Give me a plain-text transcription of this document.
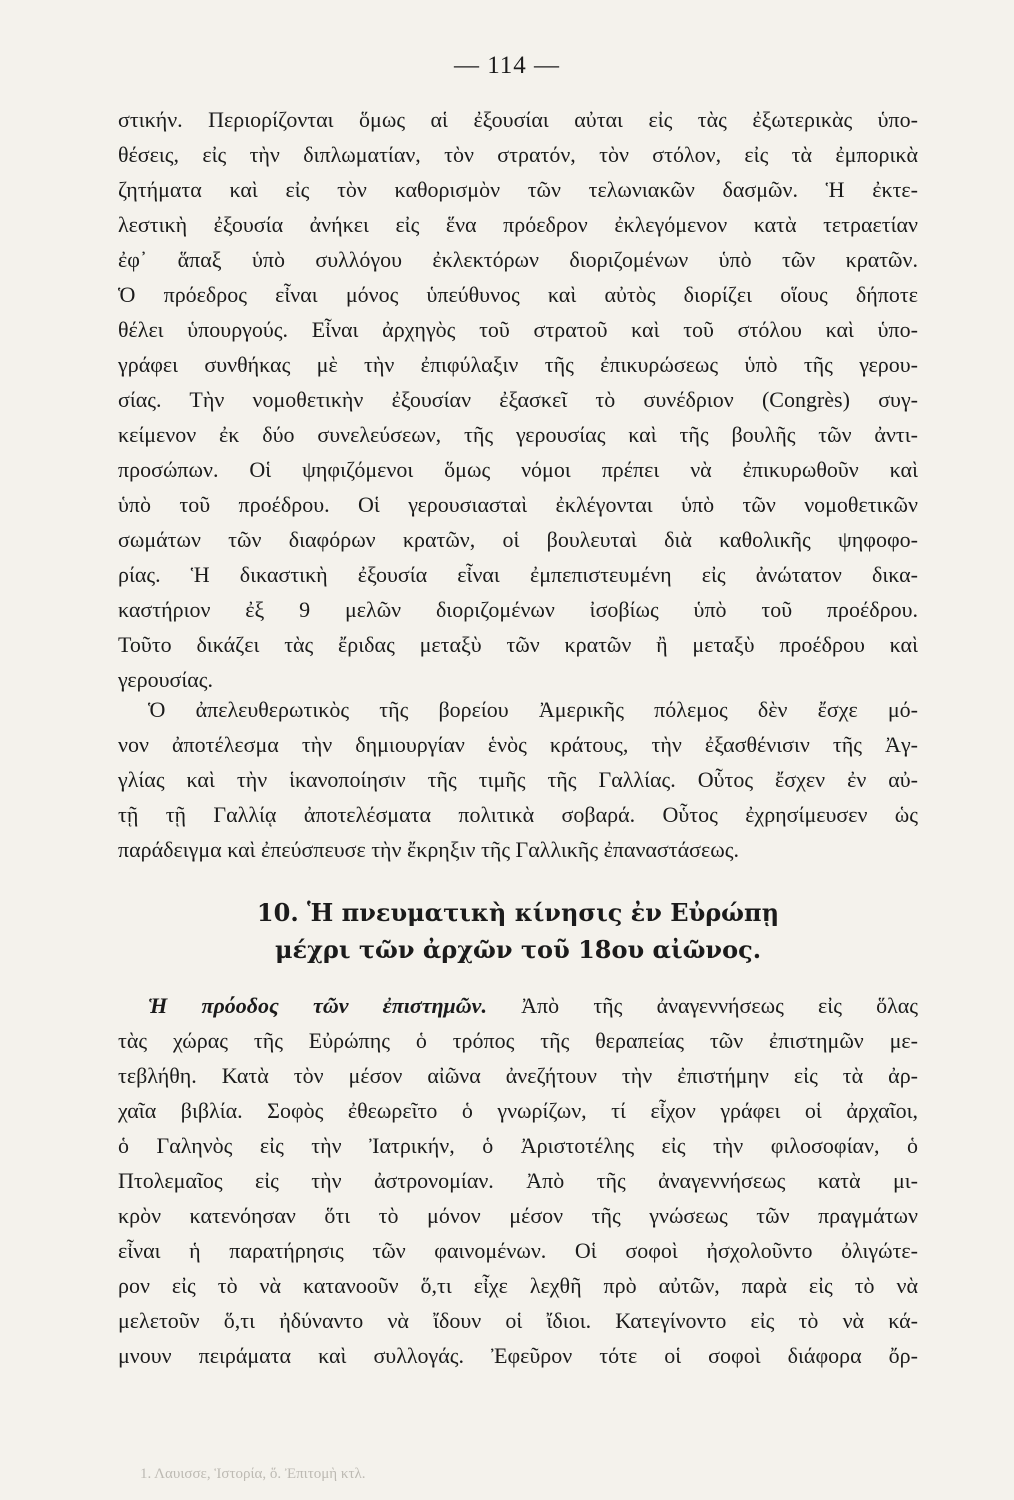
— 114 —
στικήν. Περιορίζονται ὅμως αἱ ἐξουσίαι αὐται εἰς τὰς ἐξωτερικὰς ὑπο-
θέσεις, εἰς τὴν διπλωματίαν, τὸν στρατόν, τὸν στόλον, εἰς τὰ ἐμπορικὰ
ζητήματα καὶ εἰς τὸν καθορισμὸν τῶν τελωνιακῶν δασμῶν. Ἡ ἐκτε-
λεστικὴ ἐξουσία ἀνήκει εἰς ἕνα πρόεδρον ἐκλεγόμενον κατὰ τετραετίαν
ἐφ᾽ ἅπαξ ὑπὸ συλλόγου ἐκλεκτόρων διοριζομένων ὑπὸ τῶν κρατῶν.
Ὁ πρόεδρος εἶναι μόνος ὑπεύθυνος καὶ αὐτὸς διορίζει οἵους δήποτε
θέλει ὑπουργούς. Εἶναι ἀρχηγὸς τοῦ στρατοῦ καὶ τοῦ στόλου καὶ ὑπο-
γράφει συνθήκας μὲ τὴν ἐπιφύλαξιν τῆς ἐπικυρώσεως ὑπὸ τῆς γερου-
σίας. Τὴν νομοθετικὴν ἐξουσίαν ἐξασκεῖ τὸ συνέδριον (Congrès) συγ-
κείμενον ἐκ δύο συνελεύσεων, τῆς γερουσίας καὶ τῆς βουλῆς τῶν ἀντι-
προσώπων. Οἱ ψηφιζόμενοι ὅμως νόμοι πρέπει νὰ ἐπικυρωθοῦν καὶ
ὑπὸ τοῦ προέδρου. Οἱ γερουσιασταὶ ἐκλέγονται ὑπὸ τῶν νομοθετικῶν
σωμάτων τῶν διαφόρων κρατῶν, οἱ βουλευταὶ διὰ καθολικῆς ψηφοφο-
ρίας. Ἡ δικαστικὴ ἐξουσία εἶναι ἐμπεπιστευμένη εἰς ἀνώτατον δικα-
καστήριον ἐξ 9 μελῶν διοριζομένων ἰσοβίως ὑπὸ τοῦ προέδρου.
Τοῦτο δικάζει τὰς ἔριδας μεταξὺ τῶν κρατῶν ἢ μεταξὺ προέδρου καὶ
γερουσίας.
Ὁ ἀπελευθερωτικὸς τῆς βορείου Ἀμερικῆς πόλεμος δὲν ἔσχε μό-
νον ἀποτέλεσμα τὴν δημιουργίαν ἑνὸς κράτους, τὴν ἐξασθένισιν τῆς Ἀγ-
γλίας καὶ τὴν ἱκανοποίησιν τῆς τιμῆς τῆς Γαλλίας. Οὗτος ἔσχεν ἐν αὐ-
τῇ τῇ Γαλλίᾳ ἀποτελέσματα πολιτικὰ σοβαρά. Οὗτος ἐχρησίμευσεν ὡς
παράδειγμα καὶ ἐπεύσπευσε τὴν ἔκρηξιν τῆς Γαλλικῆς ἐπαναστάσεως.
10. Ἡ πνευματικὴ κίνησις ἐν Εὐρώπῃ
μέχρι τῶν ἀρχῶν τοῦ 18ου αἰῶνος.
Ἡ πρόοδος τῶν ἐπιστημῶν. Ἀπὸ τῆς ἀναγεννήσεως εἰς ὅλας
τὰς χώρας τῆς Εὐρώπης ὁ τρόπος τῆς θεραπείας τῶν ἐπιστημῶν με-
τεβλήθη. Κατὰ τὸν μέσον αἰῶνα ἀνεζήτουν τὴν ἐπιστήμην εἰς τὰ ἀρ-
χαῖα βιβλία. Σοφὸς ἐθεωρεῖτο ὁ γνωρίζων, τί εἶχον γράφει οἱ ἀρχαῖοι,
ὁ Γαληνὸς εἰς τὴν Ἰατρικήν, ὁ Ἀριστοτέλης εἰς τὴν φιλοσοφίαν, ὁ
Πτολεμαῖος εἰς τὴν ἀστρονομίαν. Ἀπὸ τῆς ἀναγεννήσεως κατὰ μι-
κρὸν κατενόησαν ὅτι τὸ μόνον μέσον τῆς γνώσεως τῶν πραγμάτων
εἶναι ἡ παρατήρησις τῶν φαινομένων. Οἱ σοφοὶ ἠσχολοῦντο ὀλιγώτε-
ρον εἰς τὸ νὰ κατανοοῦν ὅ,τι εἶχε λεχθῆ πρὸ αὐτῶν, παρὰ εἰς τὸ νὰ
μελετοῦν ὅ,τι ἠδύναντο νὰ ἴδουν οἱ ἴδιοι. Κατεγίνοντο εἰς τὸ νὰ κά-
μνουν πειράματα καὶ συλλογάς. Ἐφεῦρον τότε οἱ σοφοὶ διάφορα ὄρ-
1. Λαυισσε, Ἱστορία, ὅ. Ἐπιτομὴ κτλ.
